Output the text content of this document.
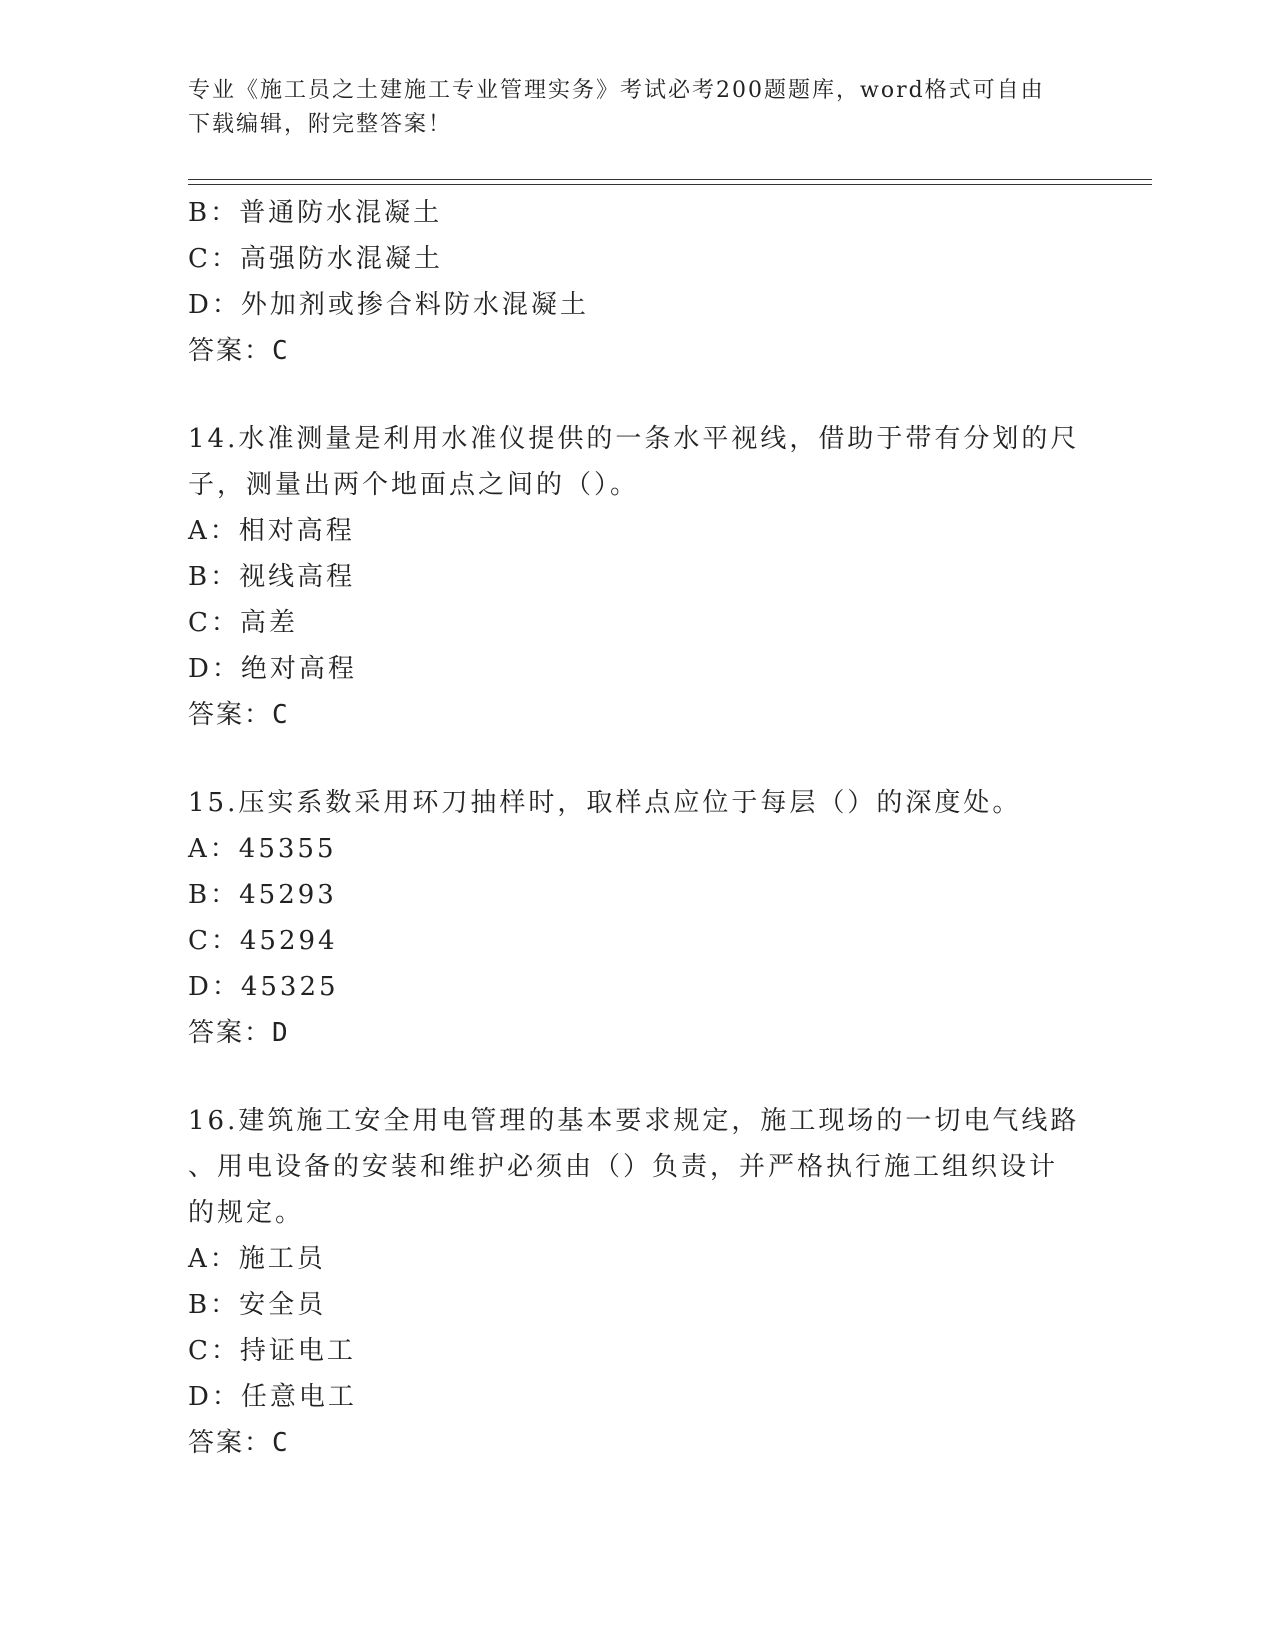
专业《施工员之土建施工专业管理实务》考试必考200题题库，word格式可自由
下载编辑，附完整答案！
B：普通防水混凝土
C：高强防水混凝土
D：外加剂或掺合料防水混凝土
答案：C
14.水准测量是利用水准仪提供的一条水平视线，借助于带有分划的尺
子，测量出两个地面点之间的（）。
A：相对高程
B：视线高程
C：高差
D：绝对高程
答案：C
15.压实系数采用环刀抽样时，取样点应位于每层（）的深度处。
A：45355
B：45293
C：45294
D：45325
答案：D
16.建筑施工安全用电管理的基本要求规定，施工现场的一切电气线路
、用电设备的安装和维护必须由（）负责，并严格执行施工组织设计
的规定。
A：施工员
B：安全员
C：持证电工
D：任意电工
答案：C
